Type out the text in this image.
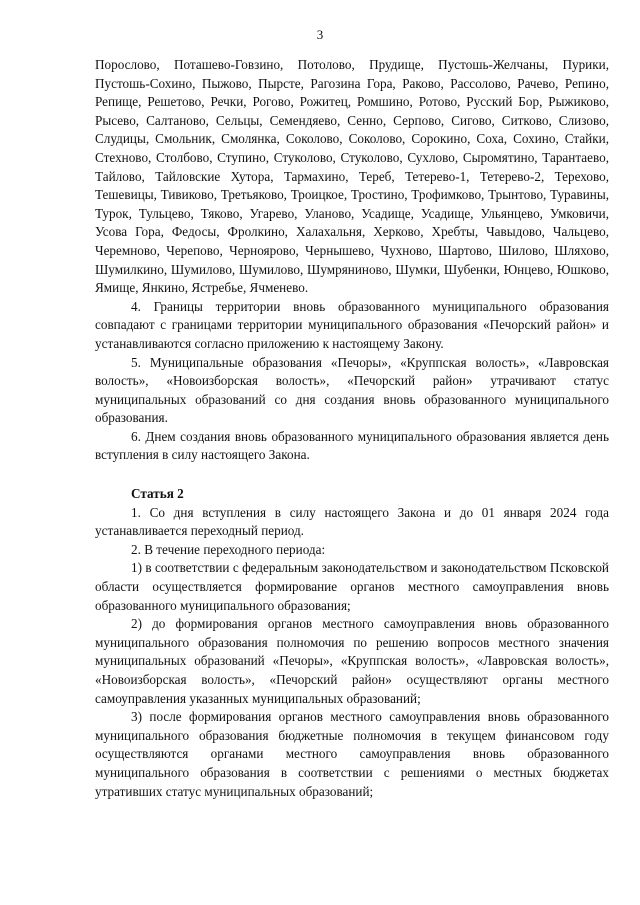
3

Порослово, Поташево-Говзино, Потолово, Прудище, Пустошь-Желчаны, Пурики, Пустошь-Сохино, Пыжово, Пырсте, Рагозина Гора, Раково, Рассолово, Рачево, Репино, Репище, Решетово, Речки, Рогово, Рожитец, Ромшино, Ротово, Русский Бор, Рыжиково, Рысево, Салтаново, Сельцы, Семендяево, Сенно, Серпово, Сигово, Ситково, Слизово, Слудицы, Смольник, Смолянка, Соколово, Соколово, Сорокино, Соха, Сохино, Стайки, Стехново, Столбово, Ступино, Стуколово, Стуколово, Сухлово, Сыромятино, Тарантаево, Тайлово, Тайловские Хутора, Тармахино, Тереб, Тетерево-1, Тетерево-2, Терехово, Тешевицы, Тивиково, Третьяково, Троицкое, Тростино, Трофимково, Трынтово, Туравины, Турок, Тульцево, Тяково, Угарево, Уланово, Усадище, Усадище, Ульянцево, Умковичи, Усова Гора, Федосы, Фролкино, Халахальня, Херково, Хребты, Чавыдово, Чальцево, Черемново, Черепово, Черноярово, Чернышево, Чухново, Шартово, Шилово, Шляхово, Шумилкино, Шумилово, Шумилово, Шумряниново, Шумки, Шубенки, Юнцево, Юшково, Ямище, Янкино, Ястребье, Ячменево.

4. Границы территории вновь образованного муниципального образования совпадают с границами территории муниципального образования «Печорский район» и устанавливаются согласно приложению к настоящему Закону.

5. Муниципальные образования «Печоры», «Круппская волость», «Лавровская волость», «Новоизборская волость», «Печорский район» утрачивают статус муниципальных образований со дня создания вновь образованного муниципального образования.

6. Днем создания вновь образованного муниципального образования является день вступления в силу настоящего Закона.

Статья 2

1. Со дня вступления в силу настоящего Закона и до 01 января 2024 года устанавливается переходный период.

2. В течение переходного периода:

1) в соответствии с федеральным законодательством и законодательством Псковской области осуществляется формирование органов местного самоуправления вновь образованного муниципального образования;

2) до формирования органов местного самоуправления вновь образованного муниципального образования полномочия по решению вопросов местного значения муниципальных образований «Печоры», «Круппская волость», «Лавровская волость», «Новоизборская волость», «Печорский район» осуществляют органы местного самоуправления указанных муниципальных образований;

3) после формирования органов местного самоуправления вновь образованного муниципального образования бюджетные полномочия в текущем финансовом году осуществляются органами местного самоуправления вновь образованного муниципального образования в соответствии с решениями о местных бюджетах утративших статус муниципальных образований;
